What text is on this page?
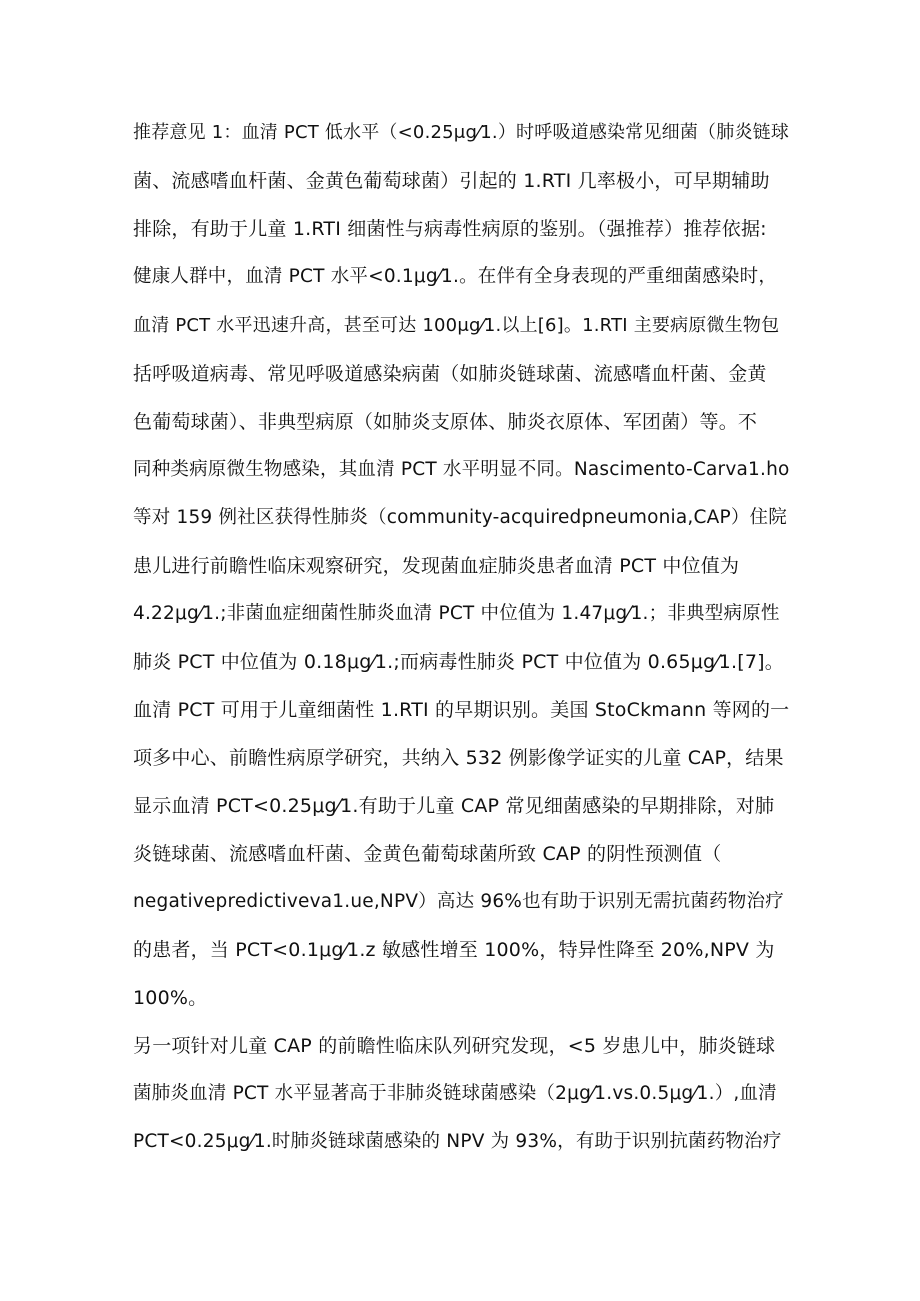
推荐意见 1：血清 PCT 低水平（<0.25μg⁄1.）时呼吸道感染常见细菌（肺炎链球
菌、流感嗜血杆菌、金黄色葡萄球菌）引起的 1.RTI 几率极小，可早期辅助
排除，有助于儿童 1.RTI 细菌性与病毒性病原的鉴别。（强推荐）推荐依据:
健康人群中，血清 PCT 水平<0.1μg⁄1.。在伴有全身表现的严重细菌感染时，
血清 PCT 水平迅速升高，甚至可达 100μg⁄1.以上[6]。1.RTI 主要病原微生物包
括呼吸道病毒、常见呼吸道感染病菌（如肺炎链球菌、流感嗜血杆菌、金黄
色葡萄球菌）、非典型病原（如肺炎支原体、肺炎衣原体、军团菌）等。不
同种类病原微生物感染，其血清 PCT 水平明显不同。Nascimento-Carva1.ho
等对 159 例社区获得性肺炎（community-acquiredpneumonia,CAP）住院
患儿进行前瞻性临床观察研究，发现菌血症肺炎患者血清 PCT 中位值为
4.22μg⁄1.;非菌血症细菌性肺炎血清 PCT 中位值为 1.47μg⁄1.；非典型病原性
肺炎 PCT 中位值为 0.18μg⁄1.;而病毒性肺炎 PCT 中位值为 0.65μg⁄1.[7]。
血清 PCT 可用于儿童细菌性 1.RTI 的早期识别。美国 StoCkmann 等网的一
项多中心、前瞻性病原学研究，共纳入 532 例影像学证实的儿童 CAP，结果
显示血清 PCT<0.25μg⁄1.有助于儿童 CAP 常见细菌感染的早期排除，对肺
炎链球菌、流感嗜血杆菌、金黄色葡萄球菌所致 CAP 的阴性预测值（
negativepredictiveva1.ue,NPV）高达 96%也有助于识别无需抗菌药物治疗
的患者，当 PCT<0.1μg⁄1.z 敏感性增至 100%，特异性降至 20%,NPV 为
100%。
另一项针对儿童 CAP 的前瞻性临床队列研究发现，<5 岁患儿中，肺炎链球
菌肺炎血清 PCT 水平显著高于非肺炎链球菌感染（2μg⁄1.vs.0.5μg⁄1.）,血清
PCT<0.25μg⁄1.时肺炎链球菌感染的 NPV 为 93%，有助于识别抗菌药物治疗
